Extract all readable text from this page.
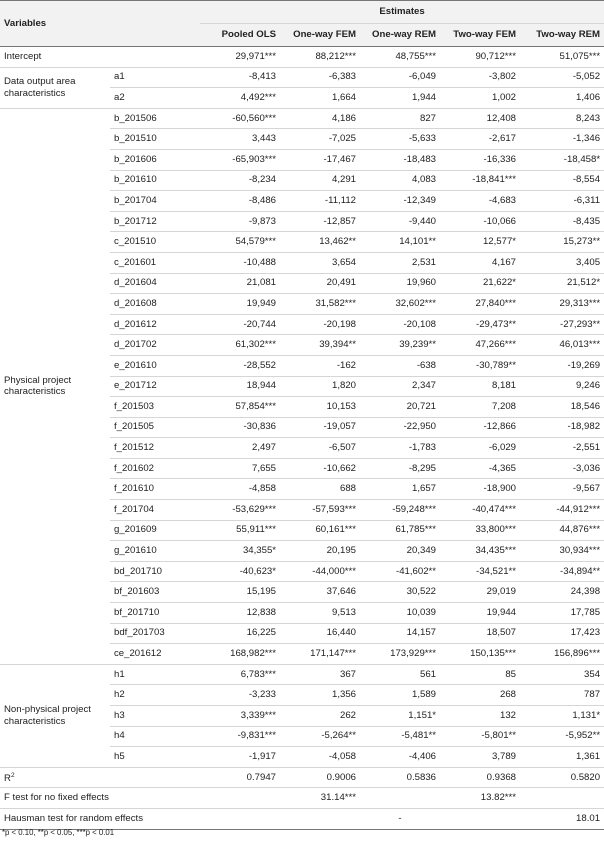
Variables		Estimates				
		Pooled OLS	One-way FEM	One-way REM	Two-way FEM	Two-way REM
Intercept		29,971***	88,212***	48,755***	90,712***	51,075***
Data output area characteristics	a1	-8,413	-6,383	-6,049	-3,802	-5,052
	a2	4,492***	1,664	1,944	1,002	1,406
Physical project characteristics	b_201506	-60,560***	4,186	827	12,408	8,243
	b_201510	3,443	-7,025	-5,633	-2,617	-1,346
	b_201606	-65,903***	-17,467	-18,483	-16,336	-18,458*
	b_201610	-8,234	4,291	4,083	-18,841***	-8,554
	b_201704	-8,486	-11,112	-12,349	-4,683	-6,311
	b_201712	-9,873	-12,857	-9,440	-10,066	-8,435
	c_201510	54,579***	13,462**	14,101**	12,577*	15,273**
	c_201601	-10,488	3,654	2,531	4,167	3,405
	d_201604	21,081	20,491	19,960	21,622*	21,512*
	d_201608	19,949	31,582***	32,602***	27,840***	29,313***
	d_201612	-20,744	-20,198	-20,108	-29,473**	-27,293**
	d_201702	61,302***	39,394**	39,239**	47,266***	46,013***
	e_201610	-28,552	-162	-638	-30,789**	-19,269
	e_201712	18,944	1,820	2,347	8,181	9,246
	f_201503	57,854***	10,153	20,721	7,208	18,546
	f_201505	-30,836	-19,057	-22,950	-12,866	-18,982
	f_201512	2,497	-6,507	-1,783	-6,029	-2,551
	f_201602	7,655	-10,662	-8,295	-4,365	-3,036
	f_201610	-4,858	688	1,657	-18,900	-9,567
	f_201704	-53,629***	-57,593***	-59,248***	-40,474***	-44,912***
	g_201609	55,911***	60,161***	61,785***	33,800***	44,876***
	g_201610	34,355*	20,195	20,349	34,435***	30,934***
	bd_201710	-40,623*	-44,000***	-41,602**	-34,521**	-34,894**
	bf_201603	15,195	37,646	30,522	29,019	24,398
	bf_201710	12,838	9,513	10,039	19,944	17,785
	bdf_201703	16,225	16,440	14,157	18,507	17,423
	ce_201612	168,982***	171,147***	173,929***	150,135***	156,896***
Non-physical project characteristics	h1	6,783***	367	561	85	354
	h2	-3,233	1,356	1,589	268	787
	h3	3,339***	262	1,151*	132	1,131*
	h4	-9,831***	-5,264**	-5,481**	-5,801**	-5,952**
	h5	-1,917	-4,058	-4,406	3,789	1,361
$R^2$		0.7947	0.9006	0.5836	0.9368	0.5820
F test for no fixed effects			31.14***		13.82***	
Hausman test for random effects				-		18.01
*p < 0.10, **p < 0.05, ***p < 0.01
